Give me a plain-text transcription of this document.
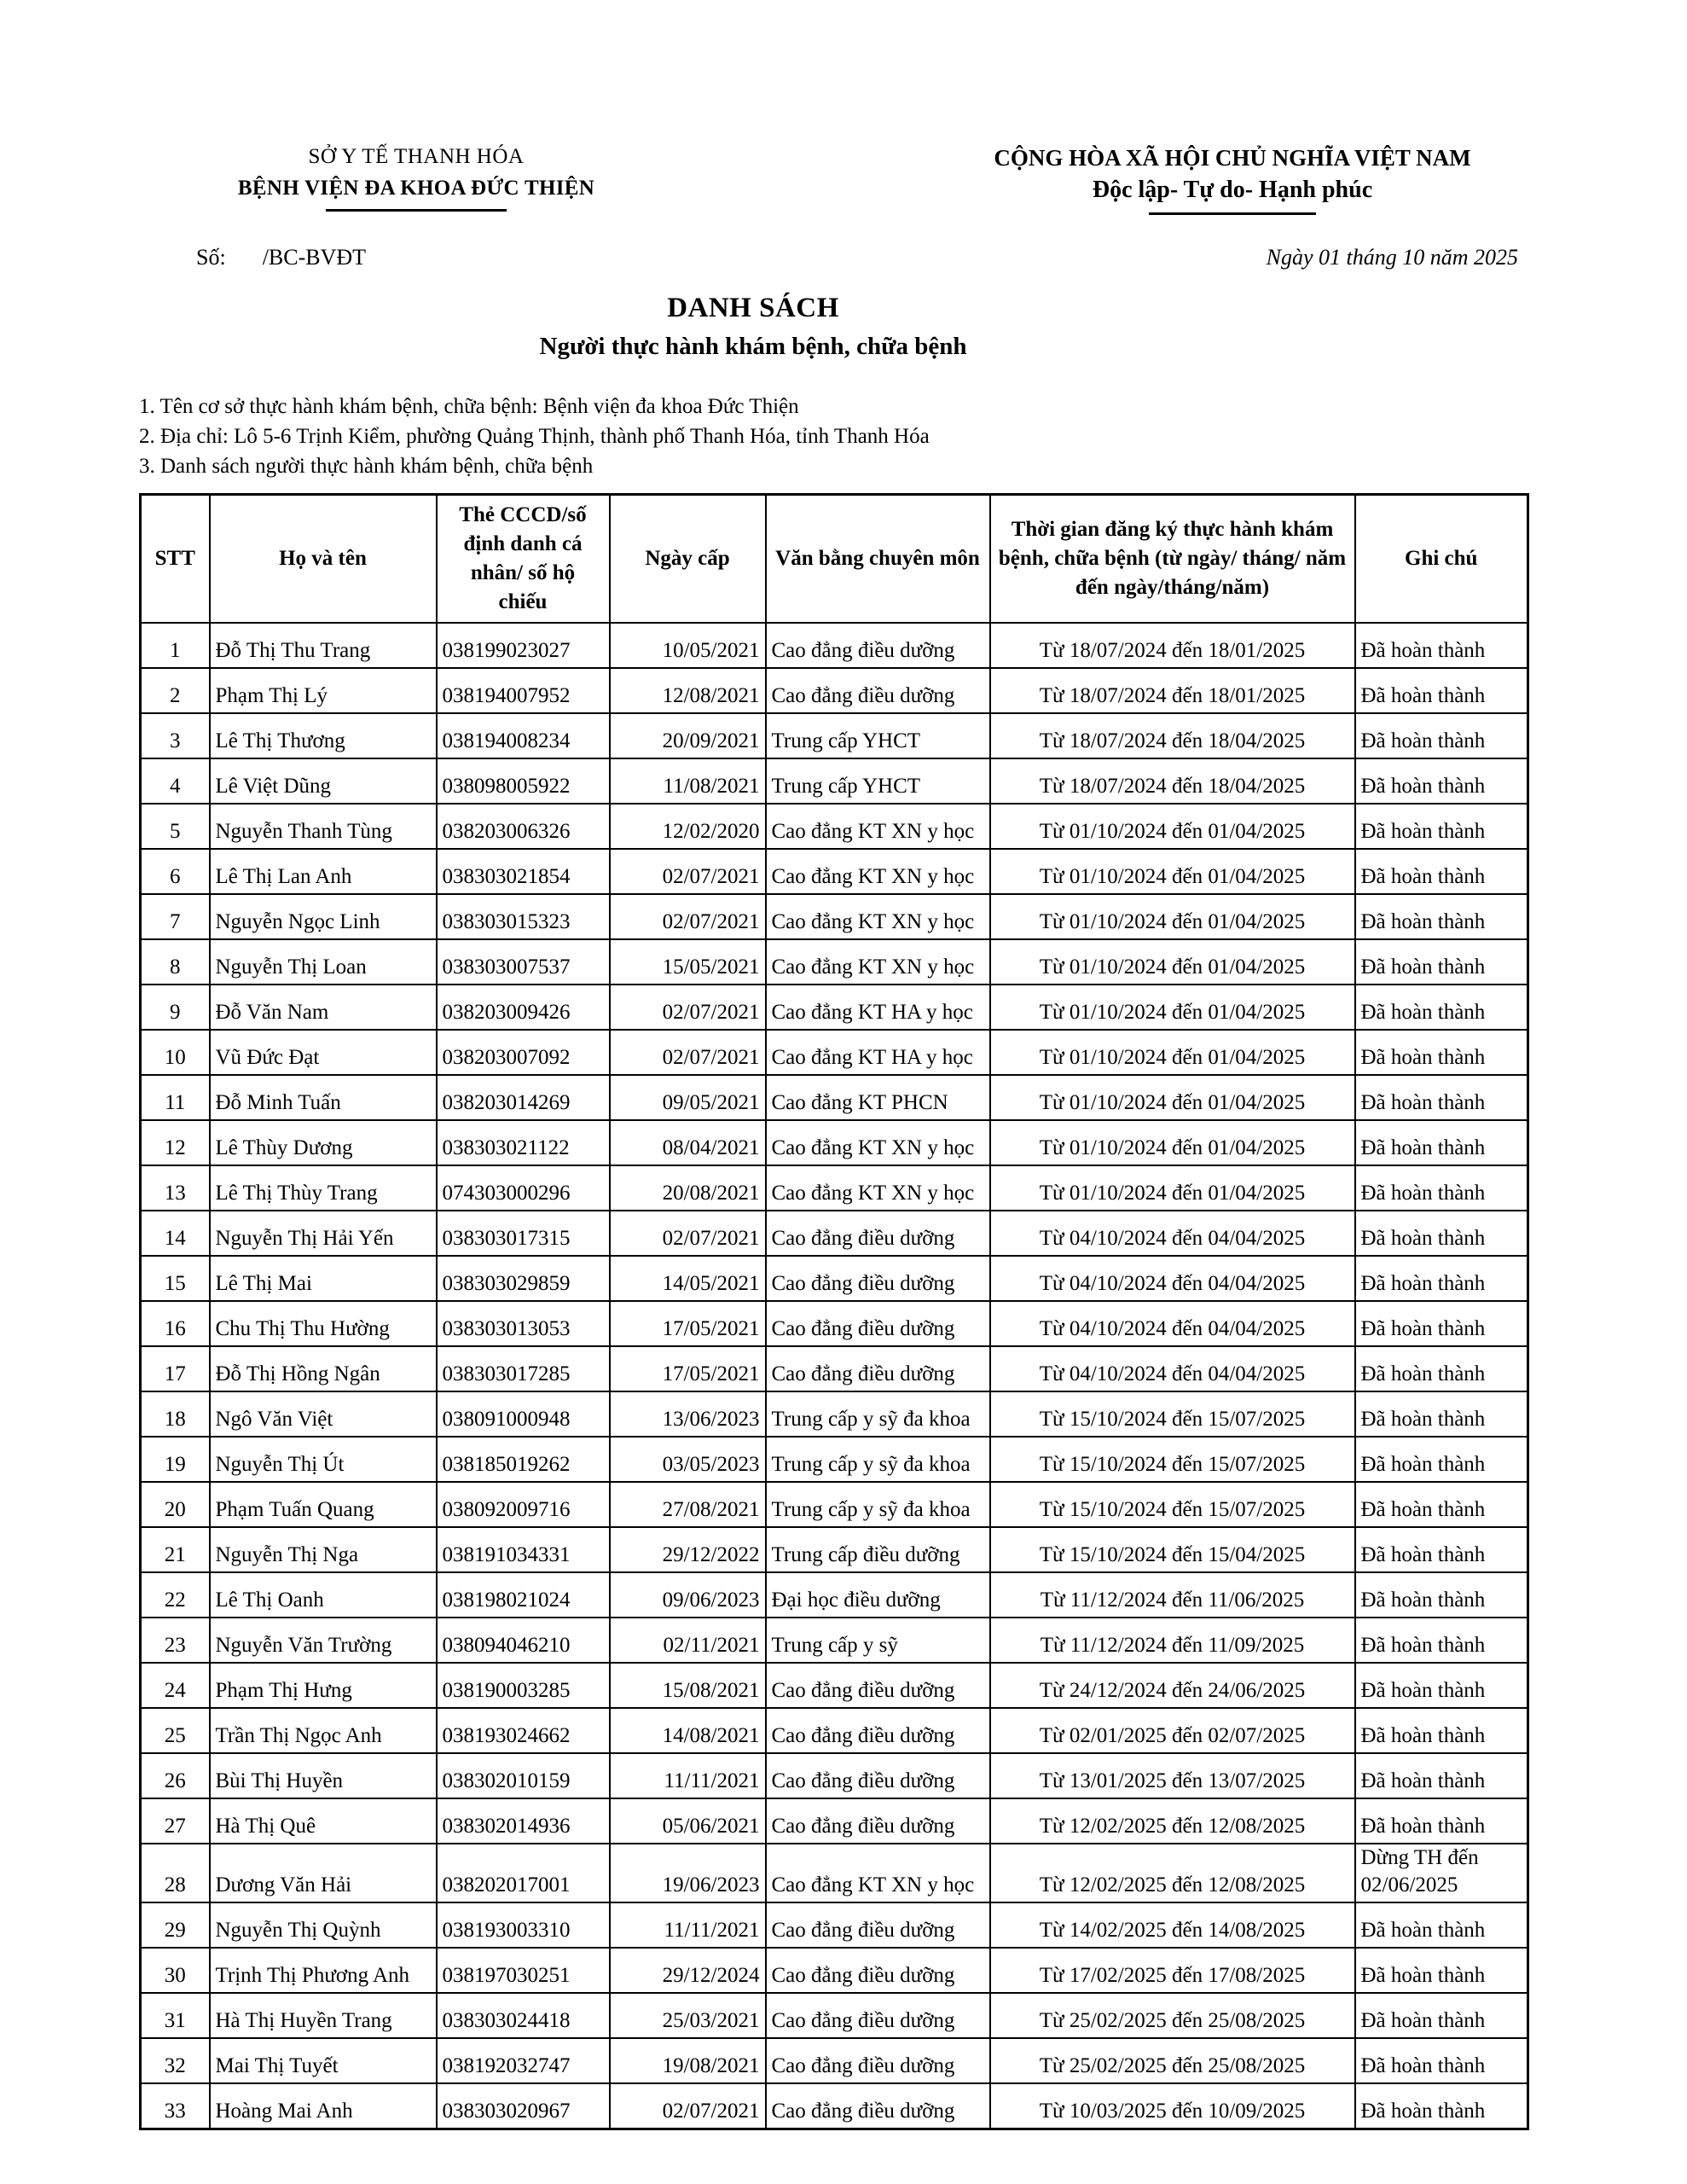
SỞ Y TẾ THANH HÓA
BỆNH VIỆN ĐA KHOA ĐỨC THIỆN
CỘNG HÒA XÃ HỘI CHỦ NGHĨA VIỆT NAM
Độc lập- Tự do- Hạnh phúc
Số: /BC-BVĐT	Ngày 01 tháng 10 năm 2025
DANH SÁCH
Người thực hành khám bệnh, chữa bệnh
1. Tên cơ sở thực hành khám bệnh, chữa bệnh: Bệnh viện đa khoa Đức Thiện
2. Địa chỉ: Lô 5-6 Trịnh Kiểm, phường Quảng Thịnh, thành phố Thanh Hóa, tỉnh Thanh Hóa
3. Danh sách người thực hành khám bệnh, chữa bệnh
STT	Họ và tên	Thẻ CCCD/số định danh cá nhân/ số hộ chiếu	Ngày cấp	Văn bằng chuyên môn	Thời gian đăng ký thực hành khám bệnh, chữa bệnh (từ ngày/ tháng/ năm đến ngày/tháng/năm)	Ghi chú
1	Đỗ Thị Thu Trang	038199023027	10/05/2021	Cao đẳng điều dưỡng	Từ 18/07/2024 đến 18/01/2025	Đã hoàn thành
2	Phạm Thị Lý	038194007952	12/08/2021	Cao đẳng điều dưỡng	Từ 18/07/2024 đến 18/01/2025	Đã hoàn thành
3	Lê Thị Thương	038194008234	20/09/2021	Trung cấp YHCT	Từ 18/07/2024 đến 18/04/2025	Đã hoàn thành
4	Lê Việt Dũng	038098005922	11/08/2021	Trung cấp YHCT	Từ 18/07/2024 đến 18/04/2025	Đã hoàn thành
5	Nguyễn Thanh Tùng	038203006326	12/02/2020	Cao đẳng KT XN y học	Từ 01/10/2024 đến 01/04/2025	Đã hoàn thành
6	Lê Thị Lan Anh	038303021854	02/07/2021	Cao đẳng KT XN y học	Từ 01/10/2024 đến 01/04/2025	Đã hoàn thành
7	Nguyễn Ngọc Linh	038303015323	02/07/2021	Cao đẳng KT XN y học	Từ 01/10/2024 đến 01/04/2025	Đã hoàn thành
8	Nguyễn Thị Loan	038303007537	15/05/2021	Cao đẳng KT XN y học	Từ 01/10/2024 đến 01/04/2025	Đã hoàn thành
9	Đỗ Văn Nam	038203009426	02/07/2021	Cao đẳng KT HA y học	Từ 01/10/2024 đến 01/04/2025	Đã hoàn thành
10	Vũ Đức Đạt	038203007092	02/07/2021	Cao đẳng KT HA y học	Từ 01/10/2024 đến 01/04/2025	Đã hoàn thành
11	Đỗ Minh Tuấn	038203014269	09/05/2021	Cao đẳng KT PHCN	Từ 01/10/2024 đến 01/04/2025	Đã hoàn thành
12	Lê Thùy Dương	038303021122	08/04/2021	Cao đẳng KT XN y học	Từ 01/10/2024 đến 01/04/2025	Đã hoàn thành
13	Lê Thị Thùy Trang	074303000296	20/08/2021	Cao đẳng KT XN y học	Từ 01/10/2024 đến 01/04/2025	Đã hoàn thành
14	Nguyễn Thị Hải Yến	038303017315	02/07/2021	Cao đẳng điều dưỡng	Từ 04/10/2024 đến 04/04/2025	Đã hoàn thành
15	Lê Thị Mai	038303029859	14/05/2021	Cao đẳng điều dưỡng	Từ 04/10/2024 đến 04/04/2025	Đã hoàn thành
16	Chu Thị Thu Hường	038303013053	17/05/2021	Cao đẳng điều dưỡng	Từ 04/10/2024 đến 04/04/2025	Đã hoàn thành
17	Đỗ Thị Hồng Ngân	038303017285	17/05/2021	Cao đẳng điều dưỡng	Từ 04/10/2024 đến 04/04/2025	Đã hoàn thành
18	Ngô Văn Việt	038091000948	13/06/2023	Trung cấp y sỹ đa khoa	Từ 15/10/2024 đến 15/07/2025	Đã hoàn thành
19	Nguyễn Thị Út	038185019262	03/05/2023	Trung cấp y sỹ đa khoa	Từ 15/10/2024 đến 15/07/2025	Đã hoàn thành
20	Phạm Tuấn Quang	038092009716	27/08/2021	Trung cấp y sỹ đa khoa	Từ 15/10/2024 đến 15/07/2025	Đã hoàn thành
21	Nguyễn Thị Nga	038191034331	29/12/2022	Trung cấp điều dưỡng	Từ 15/10/2024 đến 15/04/2025	Đã hoàn thành
22	Lê Thị Oanh	038198021024	09/06/2023	Đại học điều dưỡng	Từ 11/12/2024 đến 11/06/2025	Đã hoàn thành
23	Nguyễn Văn Trường	038094046210	02/11/2021	Trung cấp y sỹ	Từ 11/12/2024 đến 11/09/2025	Đã hoàn thành
24	Phạm Thị Hưng	038190003285	15/08/2021	Cao đẳng điều dưỡng	Từ 24/12/2024 đến 24/06/2025	Đã hoàn thành
25	Trần Thị Ngọc Anh	038193024662	14/08/2021	Cao đẳng điều dưỡng	Từ 02/01/2025 đến 02/07/2025	Đã hoàn thành
26	Bùi Thị Huyền	038302010159	11/11/2021	Cao đẳng điều dưỡng	Từ 13/01/2025 đến 13/07/2025	Đã hoàn thành
27	Hà Thị Quê	038302014936	05/06/2021	Cao đẳng điều dưỡng	Từ 12/02/2025 đến 12/08/2025	Đã hoàn thành
28	Dương Văn Hải	038202017001	19/06/2023	Cao đẳng KT XN y học	Từ 12/02/2025 đến 12/08/2025	Dừng TH đến 02/06/2025
29	Nguyễn Thị Quỳnh	038193003310	11/11/2021	Cao đẳng điều dưỡng	Từ 14/02/2025 đến 14/08/2025	Đã hoàn thành
30	Trịnh Thị Phương Anh	038197030251	29/12/2024	Cao đẳng điều dưỡng	Từ 17/02/2025 đến 17/08/2025	Đã hoàn thành
31	Hà Thị Huyền Trang	038303024418	25/03/2021	Cao đẳng điều dưỡng	Từ 25/02/2025 đến 25/08/2025	Đã hoàn thành
32	Mai Thị Tuyết	038192032747	19/08/2021	Cao đẳng điều dưỡng	Từ 25/02/2025 đến 25/08/2025	Đã hoàn thành
33	Hoàng Mai Anh	038303020967	02/07/2021	Cao đẳng điều dưỡng	Từ 10/03/2025 đến 10/09/2025	Đã hoàn thành
